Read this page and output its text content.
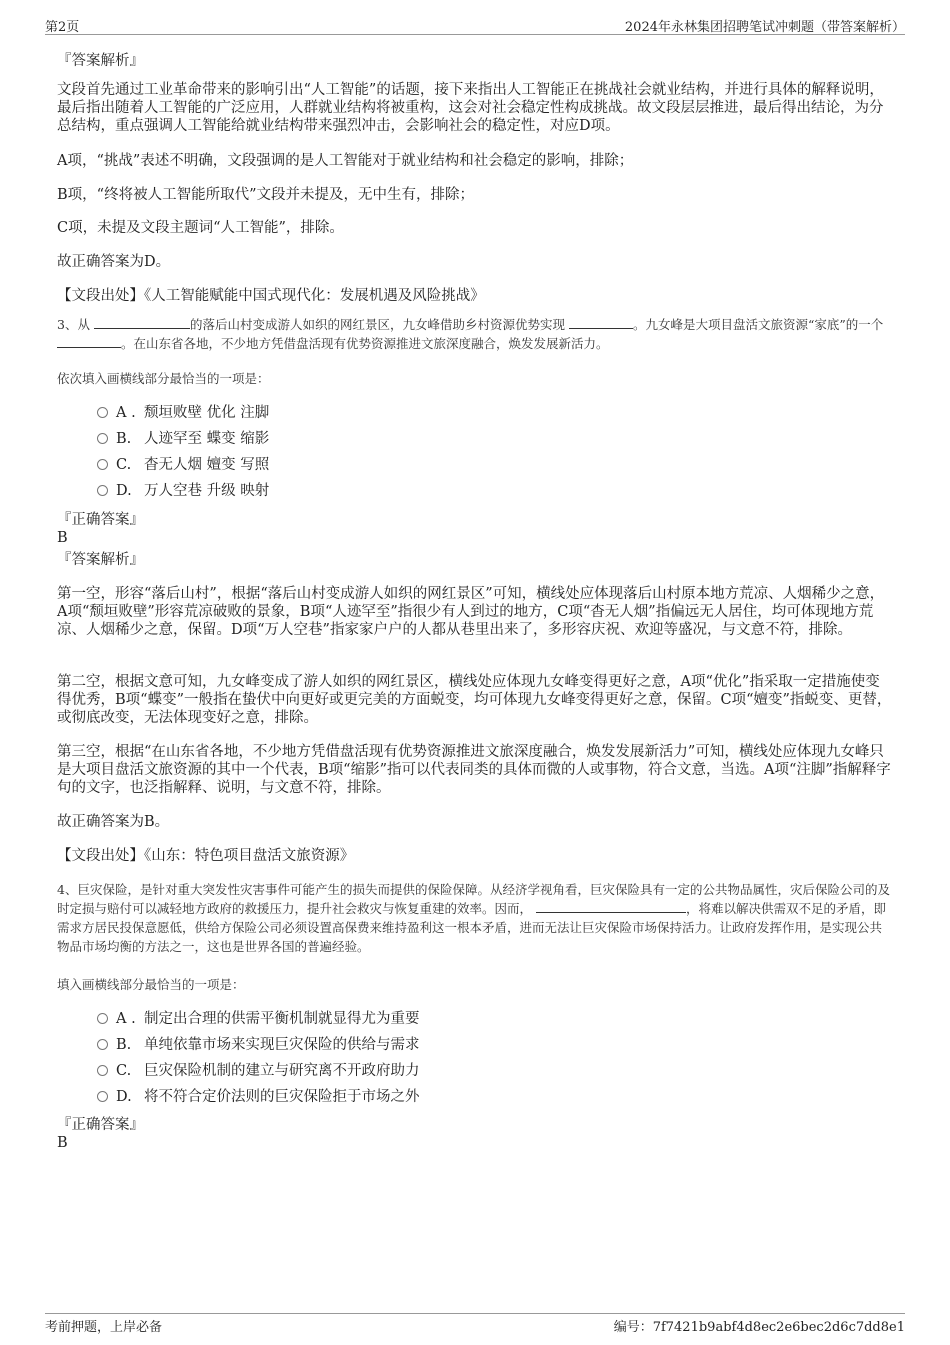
第2页	2024年永林集团招聘笔试冲刺题（带答案解析）

『答案解析』

文段首先通过工业革命带来的影响引出“人工智能”的话题，接下来指出人工智能正在挑战社会就业结构，并进行具体的解释说明，最后指出随着人工智能的广泛应用，人群就业结构将被重构，这会对社会稳定性构成挑战。故文段层层推进，最后得出结论，为分总结构，重点强调人工智能给就业结构带来强烈冲击，会影响社会的稳定性，对应D项。

A项，“挑战”表述不明确，文段强调的是人工智能对于就业结构和社会稳定的影响，排除；

B项，“终将被人工智能所取代”文段并未提及，无中生有，排除；

C项，未提及文段主题词“人工智能”，排除。

故正确答案为D。

【文段出处】《人工智能赋能中国式现代化：发展机遇及风险挑战》

3、从	的落后山村变成游人如织的网红景区，九女峰借助乡村资源优势实现	。九女峰是大项目盘活文旅资源“家底”的一个 。在山东省各地，不少地方凭借盘活现有优势资源推进文旅深度融合，焕发发展新活力。

依次填入画横线部分最恰当的一项是：

A . 颓垣败壁 优化 注脚
B. 人迹罕至 蝶变 缩影
C. 杳无人烟 嬗变 写照
D. 万人空巷 升级 映射

『正确答案』

B

『答案解析』

第一空，形容“落后山村”，根据“落后山村变成游人如织的网红景区”可知，横线处应体现落后山村原本地方荒凉、人烟稀少之意，A项“颓垣败壁”形容荒凉破败的景象，B项“人迹罕至”指很少有人到过的地方，C项“杳无人烟”指偏远无人居住，均可体现地方荒凉、人烟稀少之意，保留。D项“万人空巷”指家家户户的人都从巷里出来了，多形容庆祝、欢迎等盛况，与文意不符，排除。

第二空，根据文意可知，九女峰变成了游人如织的网红景区，横线处应体现九女峰变得更好之意，A项“优化”指采取一定措施使变得优秀，B项“蝶变”一般指在蛰伏中向更好或更完美的方面蜕变，均可体现九女峰变得更好之意，保留。C项“嬗变”指蜕变、更替，或彻底改变，无法体现变好之意，排除。

第三空，根据“在山东省各地，不少地方凭借盘活现有优势资源推进文旅深度融合，焕发发展新活力”可知，横线处应体现九女峰只是大项目盘活文旅资源的其中一个代表，B项“缩影”指可以代表同类的具体而微的人或事物，符合文意，当选。A项“注脚”指解释字句的文字，也泛指解释、说明，与文意不符，排除。

故正确答案为B。

【文段出处】《山东：特色项目盘活文旅资源》

4、巨灾保险，是针对重大突发性灾害事件可能产生的损失而提供的保险保障。从经济学视角看，巨灾保险具有一定的公共物品属性，灾后保险公司的及时定损与赔付可以减轻地方政府的救援压力，提升社会救灾与恢复重建的效率。因而，	，将难以解决供需双不足的矛盾，即需求方居民投保意愿低，供给方保险公司必须设置高保费来维持盈利这一根本矛盾，进而无法让巨灾保险市场保持活力。让政府发挥作用，是实现公共物品市场均衡的方法之一，这也是世界各国的普遍经验。

填入画横线部分最恰当的一项是：

A . 制定出合理的供需平衡机制就显得尤为重要
B. 单纯依靠市场来实现巨灾保险的供给与需求
C. 巨灾保险机制的建立与研究离不开政府助力
D. 将不符合定价法则的巨灾保险拒于市场之外

『正确答案』

B

考前押题，上岸必备	编号：7f7421b9abf4d8ec2e6bec2d6c7dd8e1
